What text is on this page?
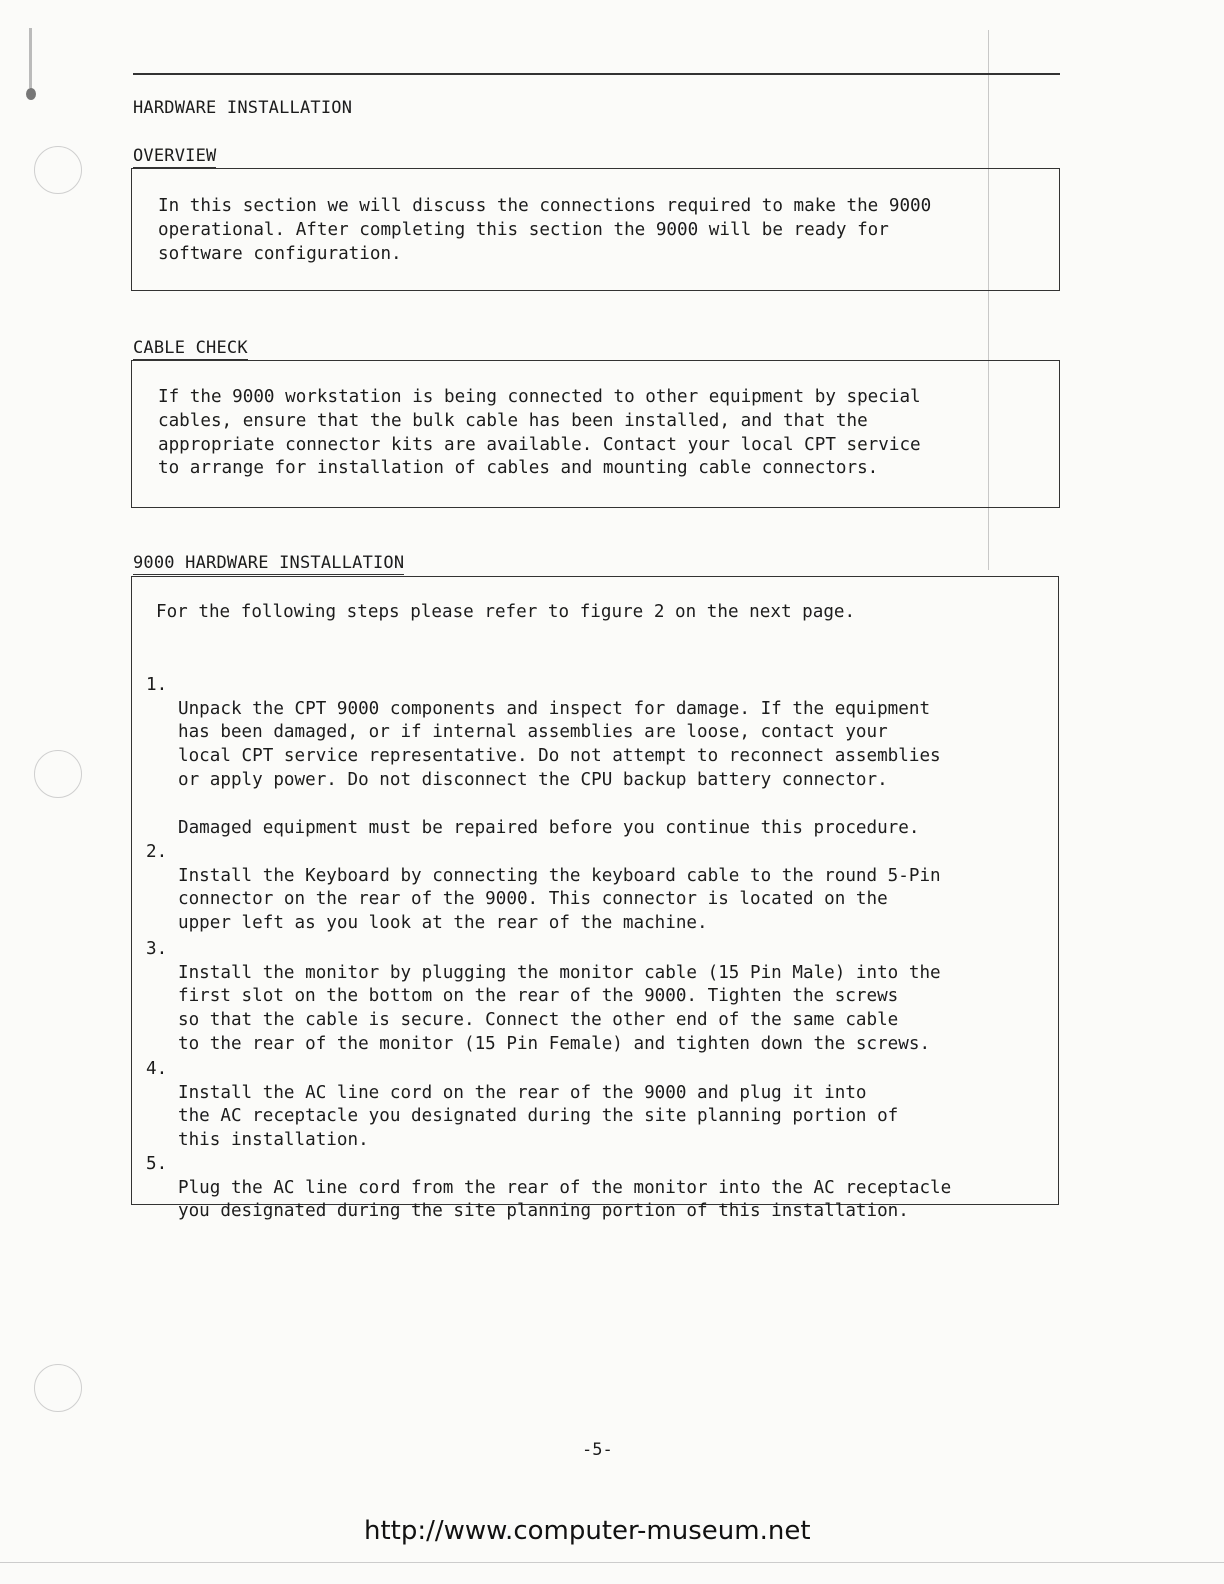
HARDWARE INSTALLATION
OVERVIEW
In this section we will discuss the connections required to make the 9000
operational. After completing this section the 9000 will be ready for
software configuration.
CABLE CHECK
If the 9000 workstation is being connected to other equipment by special
cables, ensure that the bulk cable has been installed, and that the
appropriate connector kits are available. Contact your local CPT service
to arrange for installation of cables and mounting cable connectors.
9000 HARDWARE INSTALLATION
For the following steps please refer to figure 2 on the next page.

1.

Unpack the CPT 9000 components and inspect for damage. If the equipment
has been damaged, or if internal assemblies are loose, contact your
local CPT service representative. Do not attempt to reconnect assemblies
or apply power. Do not disconnect the CPU backup battery connector.

Damaged equipment must be repaired before you continue this procedure.

2.

Install the Keyboard by connecting the keyboard cable to the round 5-Pin
connector on the rear of the 9000. This connector is located on the
upper left as you look at the rear of the machine.

3.

Install the monitor by plugging the monitor cable (15 Pin Male) into the
first slot on the bottom on the rear of the 9000. Tighten the screws
so that the cable is secure. Connect the other end of the same cable
to the rear of the monitor (15 Pin Female) and tighten down the screws.

4.

Install the AC line cord on the rear of the 9000 and plug it into
the AC receptacle you designated during the site planning portion of
this installation.

5.

Plug the AC line cord from the rear of the monitor into the AC receptacle
you designated during the site planning portion of this installation.

-5-
http://www.computer-museum.net
